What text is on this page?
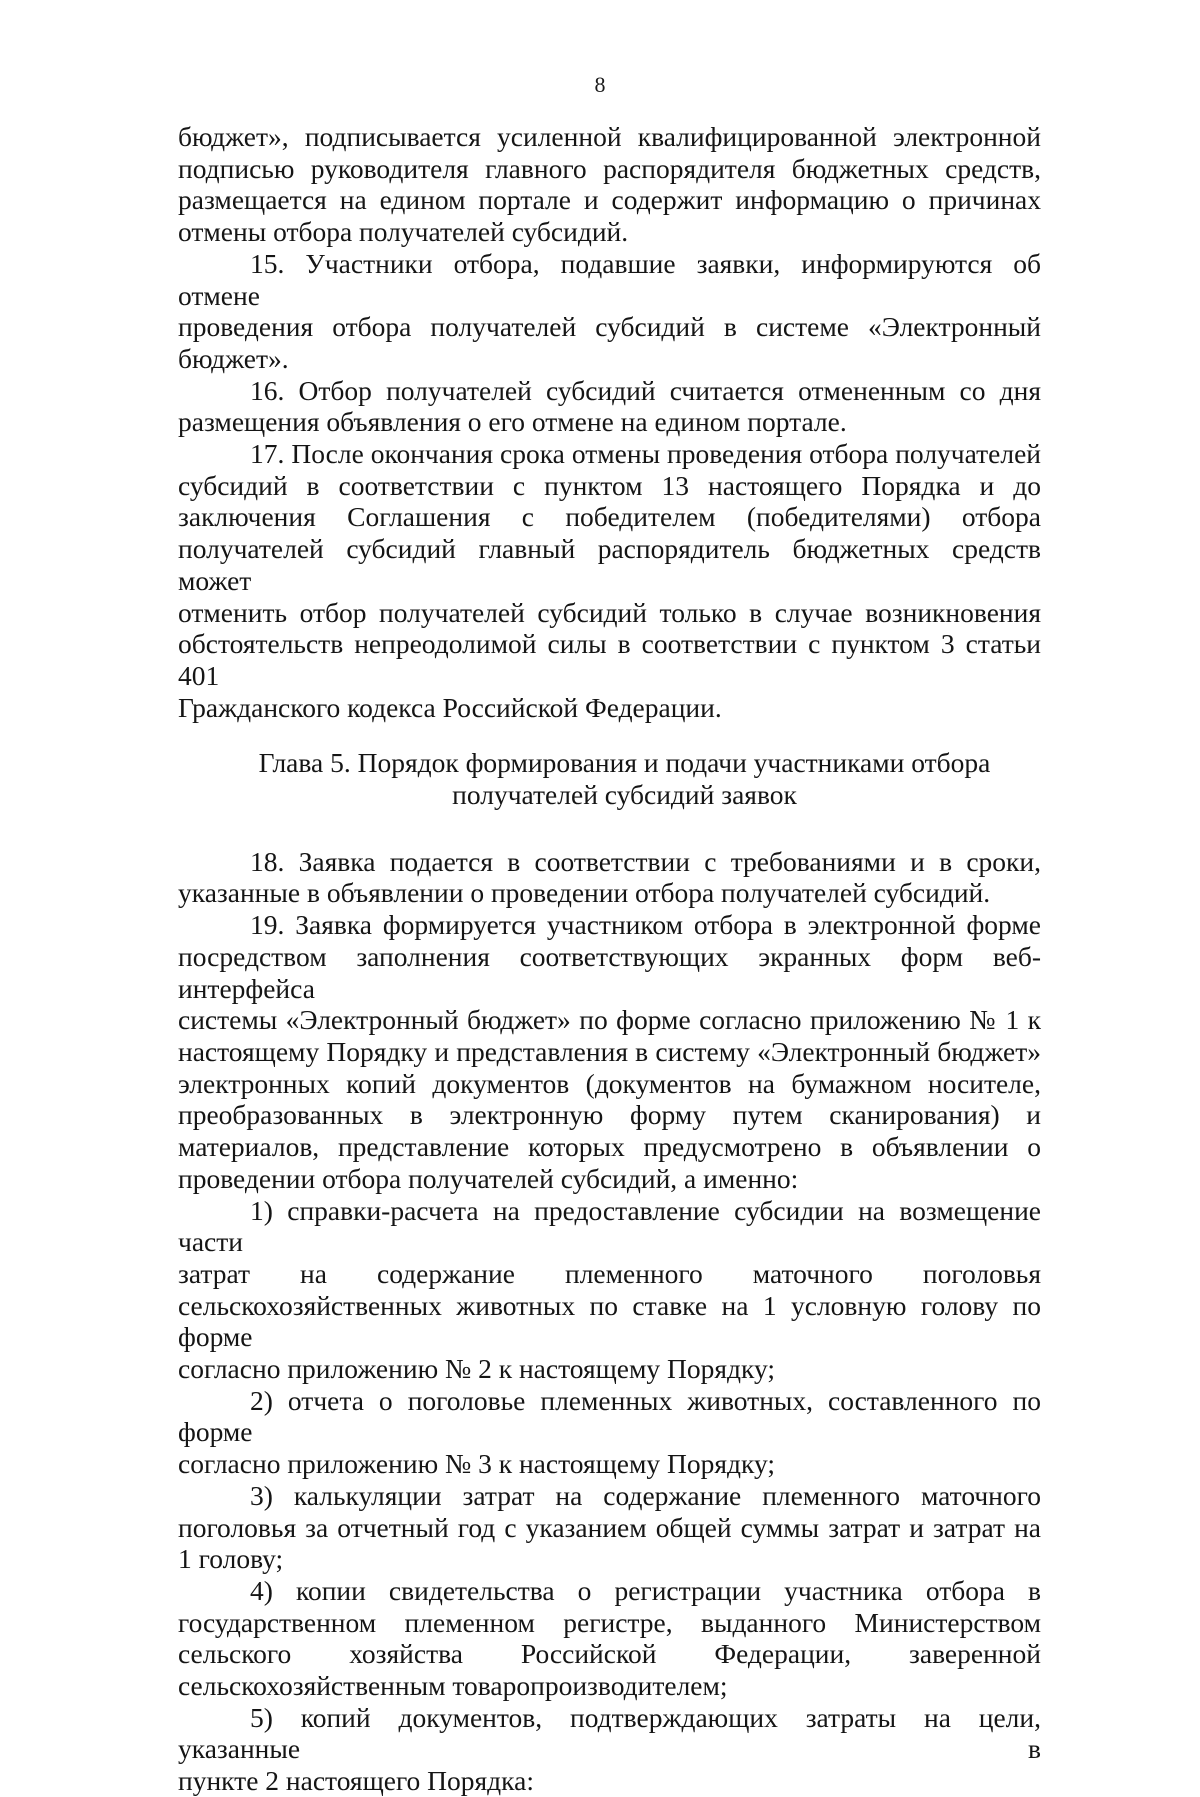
8
бюджет», подписывается усиленной квалифицированной электронной
подписью руководителя главного распорядителя бюджетных средств,
размещается на едином портале и содержит информацию о причинах
отмены отбора получателей субсидий.
15. Участники отбора, подавшие заявки, информируются об отмене
проведения отбора получателей субсидий в системе «Электронный
бюджет».
16. Отбор получателей субсидий считается отмененным со дня
размещения объявления о его отмене на едином портале.
17. После окончания срока отмены проведения отбора получателей
субсидий в соответствии с пунктом 13 настоящего Порядка и до
заключения Соглашения с победителем (победителями) отбора
получателей субсидий главный распорядитель бюджетных средств может
отменить отбор получателей субсидий только в случае возникновения
обстоятельств непреодолимой силы в соответствии с пунктом 3 статьи 401
Гражданского кодекса Российской Федерации.

Глава 5. Порядок формирования и подачи участниками отбора

получателей субсидий заявок

18. Заявка подается в соответствии с требованиями и в сроки,
указанные в объявлении о проведении отбора получателей субсидий.
19. Заявка формируется участником отбора в электронной форме
посредством заполнения соответствующих экранных форм веб-интерфейса
системы «Электронный бюджет» по форме согласно приложению № 1 к
настоящему Порядку и представления в систему «Электронный бюджет»
электронных копий документов (документов на бумажном носителе,
преобразованных в электронную форму путем сканирования) и
материалов, представление которых предусмотрено в объявлении о
проведении отбора получателей субсидий, а именно:
1) справки-расчета на предоставление субсидии на возмещение части
затрат на содержание племенного маточного поголовья
сельскохозяйственных животных по ставке на 1 условную голову по форме
согласно приложению № 2 к настоящему Порядку;
2) отчета о поголовье племенных животных, составленного по форме
согласно приложению № 3 к настоящему Порядку;
3) калькуляции затрат на содержание племенного маточного
поголовья за отчетный год с указанием общей суммы затрат и затрат на
1 голову;
4) копии свидетельства о регистрации участника отбора в
государственном племенном регистре, выданного Министерством
сельского хозяйства Российской Федерации, заверенной
сельскохозяйственным товаропроизводителем;
5) копий документов, подтверждающих затраты на цели, указанные в
пункте 2 настоящего Порядка:
